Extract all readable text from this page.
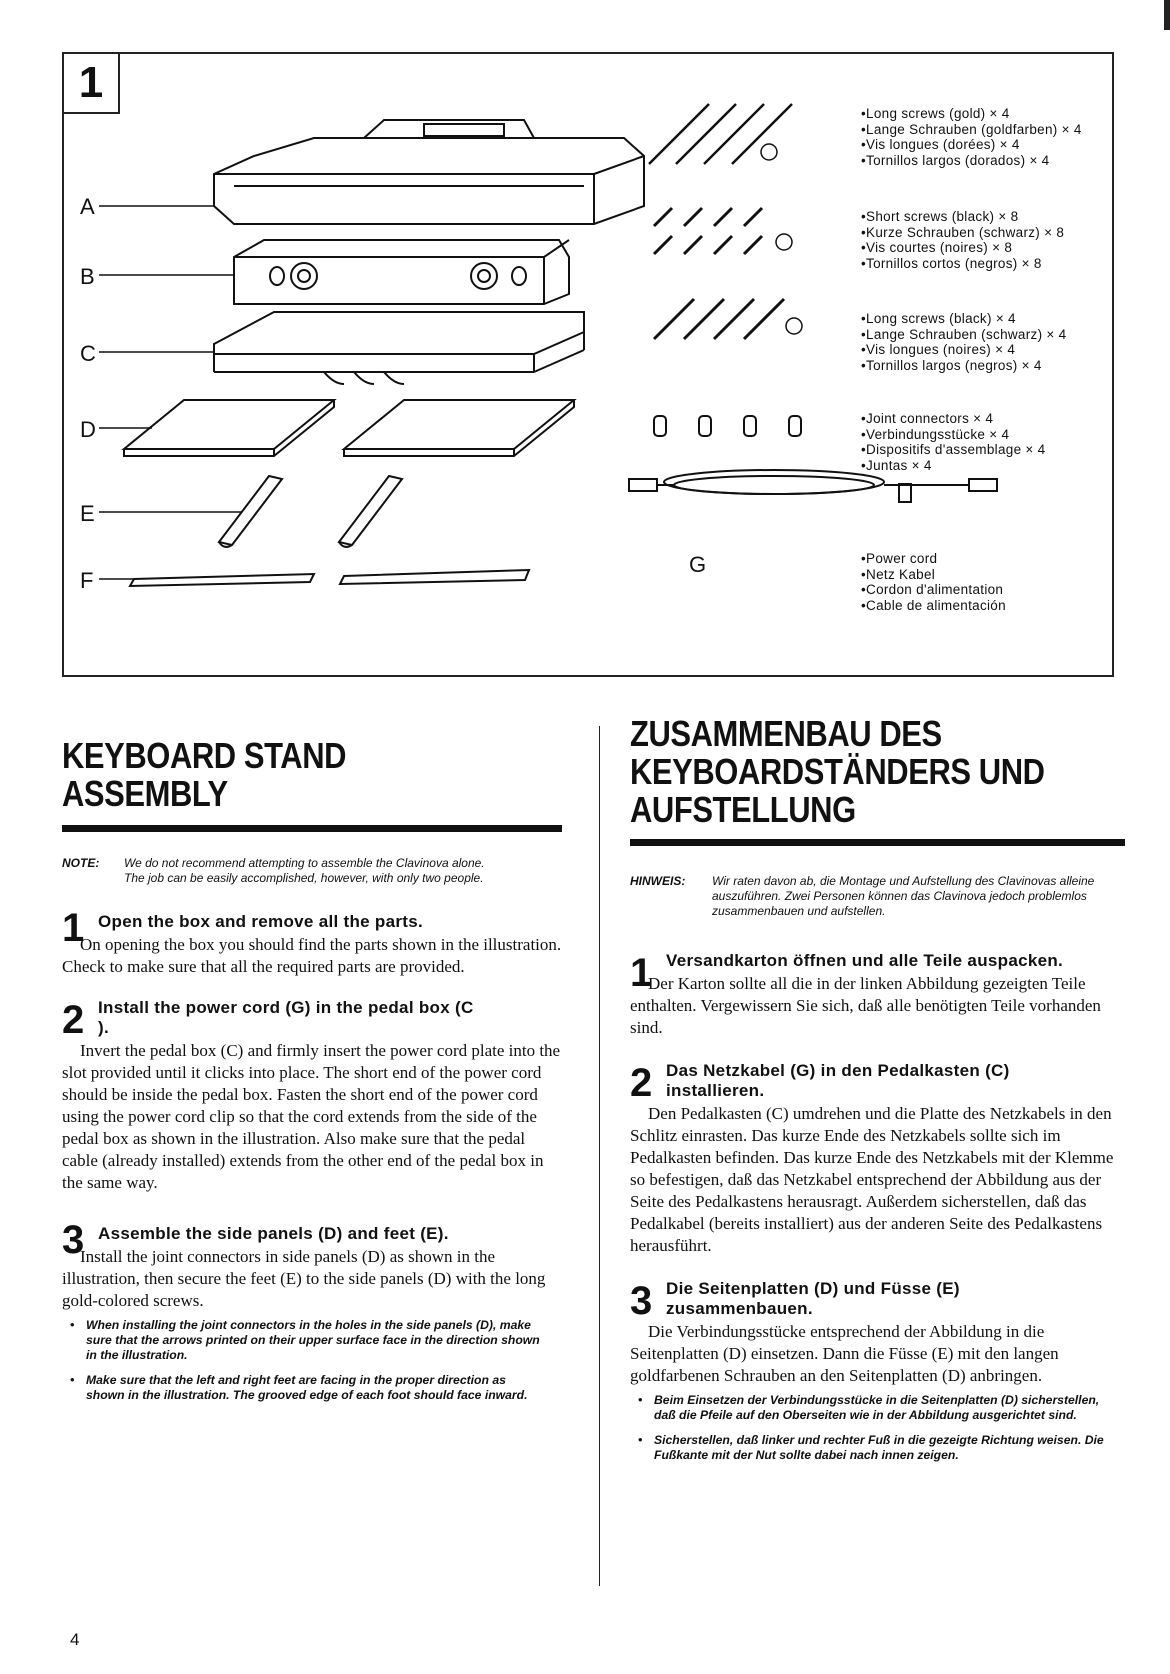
1
A
B
C
D
E
F
G
• Long screws (gold) × 4
• Lange Schrauben (goldfarben) × 4
• Vis longues (dorées) × 4
• Tornillos largos (dorados) × 4
• Short screws (black) × 8
• Kurze Schrauben (schwarz) × 8
• Vis courtes (noires) × 8
• Tornillos cortos (negros) × 8
• Long screws (black) × 4
• Lange Schrauben (schwarz) × 4
• Vis longues (noires) × 4
• Tornillos largos (negros) × 4
• Joint connectors × 4
• Verbindungsstücke × 4
• Dispositifs d'assemblage × 4
• Juntas × 4
• Power cord
• Netz Kabel
• Cordon d'alimentation
• Cable de alimentación
KEYBOARD STAND ASSEMBLY
NOTE: We do not recommend attempting to assemble the Clavinova alone. The job can be easily accomplished, however, with only two people.
1 Open the box and remove all the parts.
On opening the box you should find the parts shown in the illustration. Check to make sure that all the required parts are provided.
2 Install the power cord (G) in the pedal box (C ).
Invert the pedal box (C) and firmly insert the power cord plate into the slot provided until it clicks into place. The short end of the power cord should be inside the pedal box. Fasten the short end of the power cord using the power cord clip so that the cord extends from the side of the pedal box as shown in the illustration. Also make sure that the pedal cable (already installed) extends from the other end of the pedal box in the same way.
3 Assemble the side panels (D) and feet (E).
Install the joint connectors in side panels (D) as shown in the illustration, then secure the feet (E) to the side panels (D) with the long gold-colored screws.
• When installing the joint connectors in the holes in the side panels (D), make sure that the arrows printed on their upper surface face in the direction shown in the illustration.
• Make sure that the left and right feet are facing in the proper direction as shown in the illustration. The grooved edge of each foot should face inward.
ZUSAMMENBAU DES KEYBOARDSTÄNDERS UND AUFSTELLUNG
HINWEIS: Wir raten davon ab, die Montage und Aufstellung des Clavinovas alleine auszuführen. Zwei Personen können das Clavinova jedoch problemlos zusammenbauen und aufstellen.
1 Versandkarton öffnen und alle Teile auspacken.
Der Karton sollte all die in der linken Abbildung gezeigten Teile enthalten. Vergewissern Sie sich, daß alle benötigten Teile vorhanden sind.
2 Das Netzkabel (G) in den Pedalkasten (C) installieren.
Den Pedalkasten (C) umdrehen und die Platte des Netzkabels in den Schlitz einrasten. Das kurze Ende des Netzkabels sollte sich im Pedalkasten befinden. Das kurze Ende des Netzkabels mit der Klemme so befestigen, daß das Netzkabel entsprechend der Abbildung aus der Seite des Pedalkastens herausragt. Außerdem sicherstellen, daß das Pedalkabel (bereits installiert) aus der anderen Seite des Pedalkastens herausführt.
3 Die Seitenplatten (D) und Füsse (E) zusammenbauen.
Die Verbindungsstücke entsprechend der Abbildung in die Seitenplatten (D) einsetzen. Dann die Füsse (E) mit den langen goldfarbenen Schrauben an den Seitenplatten (D) anbringen.
• Beim Einsetzen der Verbindungsstücke in die Seitenplatten (D) sicherstellen, daß die Pfeile auf den Oberseiten wie in der Abbildung ausgerichtet sind.
• Sicherstellen, daß linker und rechter Fuß in die gezeigte Richtung weisen. Die Fußkante mit der Nut sollte dabei nach innen zeigen.
4
